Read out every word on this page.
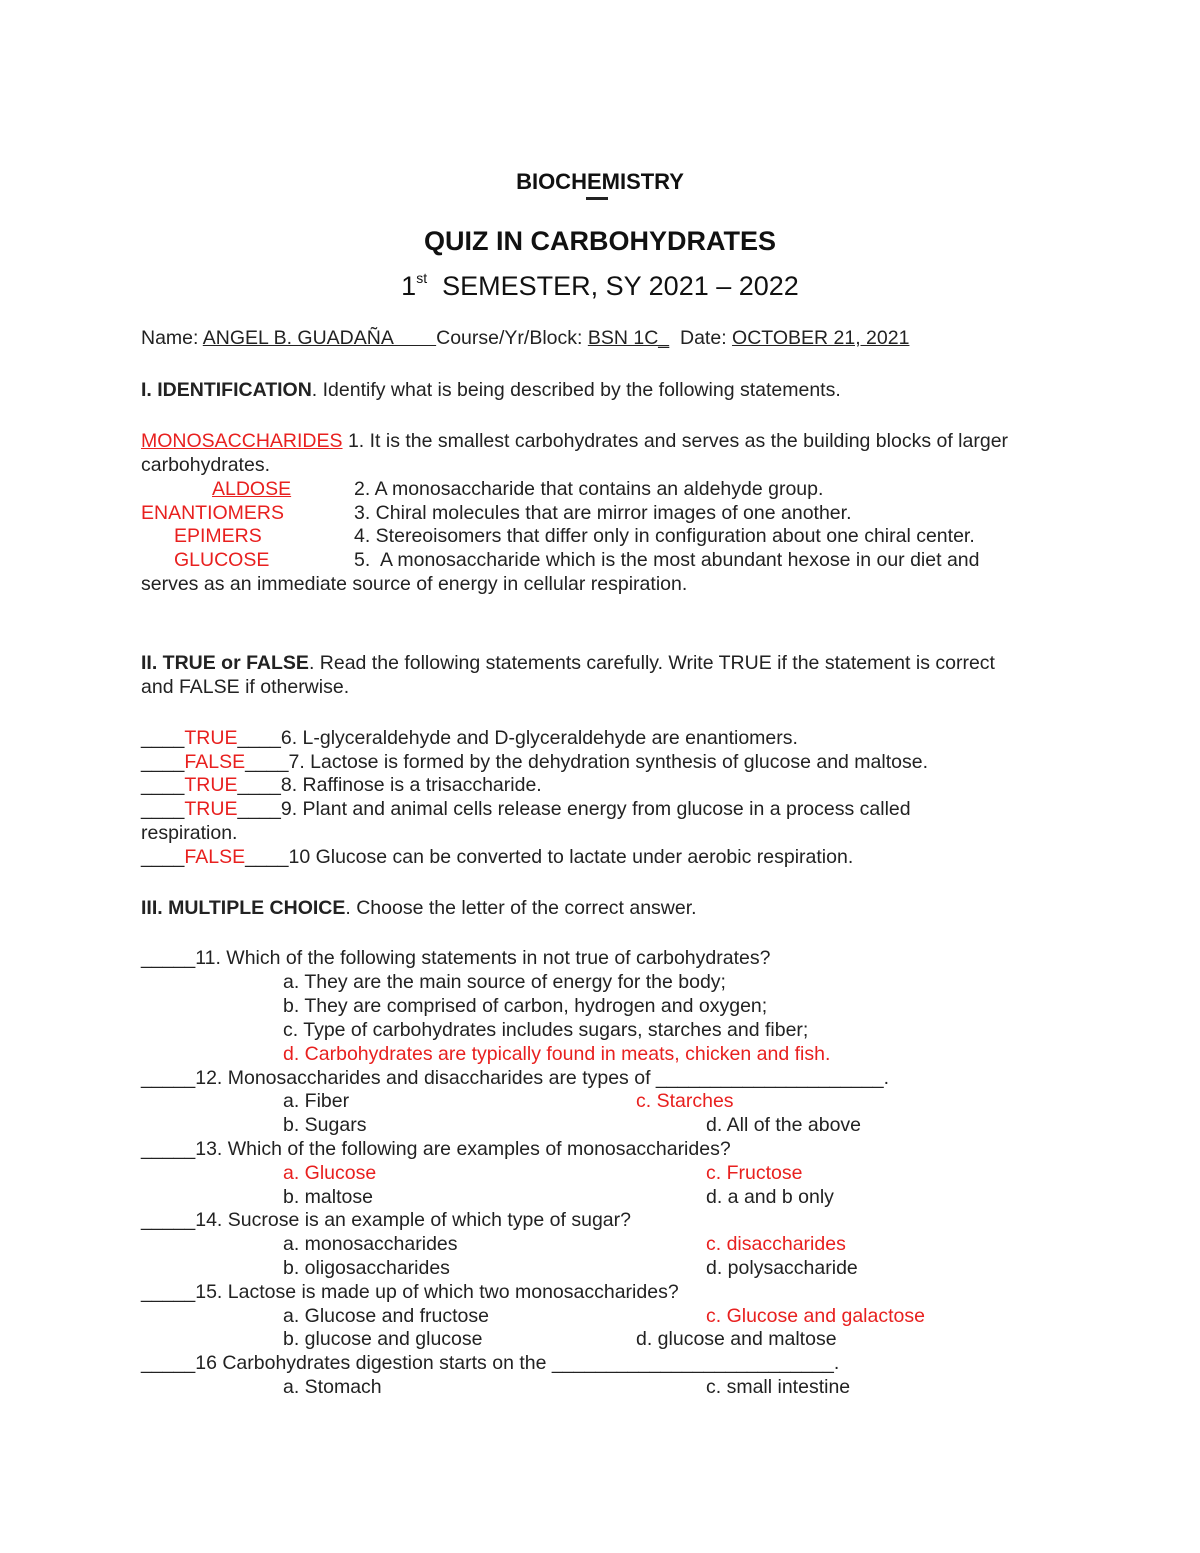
BIOCHEMISTRY
QUIZ IN CARBOHYDRATES
1st SEMESTER, SY 2021 – 2022
Name: ANGEL B. GUADAÑA        Course/Yr/Block: BSN 1C_ Date: OCTOBER 21, 2021
I. IDENTIFICATION. Identify what is being described by the following statements.
MONOSACCHARIDES 1. It is the smallest carbohydrates and serves as the building blocks of larger
carbohydrates.
ALDOSE	2. A monosaccharide that contains an aldehyde group.
ENANTIOMERS	3. Chiral molecules that are mirror images of one another.
EPIMERS	4. Stereoisomers that differ only in configuration about one chiral center.
GLUCOSE	5.  A monosaccharide which is the most abundant hexose in our diet and
serves as an immediate source of energy in cellular respiration.
II. TRUE or FALSE. Read the following statements carefully. Write TRUE if the statement is correct
and FALSE if otherwise.
____TRUE____6. L-glyceraldehyde and D-glyceraldehyde are enantiomers.
____FALSE____7. Lactose is formed by the dehydration synthesis of glucose and maltose.
____TRUE____8. Raffinose is a trisaccharide.
____TRUE____9. Plant and animal cells release energy from glucose in a process called
respiration.
____FALSE____10 Glucose can be converted to lactate under aerobic respiration.
III. MULTIPLE CHOICE. Choose the letter of the correct answer.
_____11. Which of the following statements in not true of carbohydrates?
a. They are the main source of energy for the body;
b. They are comprised of carbon, hydrogen and oxygen;
c. Type of carbohydrates includes sugars, starches and fiber;
d. Carbohydrates are typically found in meats, chicken and fish.
_____12. Monosaccharides and disaccharides are types of _____________________.
a. Fiber	c. Starches
b. Sugars	d. All of the above
_____13. Which of the following are examples of monosaccharides?
a. Glucose	c. Fructose
b. maltose	d. a and b only
_____14. Sucrose is an example of which type of sugar?
a. monosaccharides	c. disaccharides
b. oligosaccharides	d. polysaccharide
_____15. Lactose is made up of which two monosaccharides?
a. Glucose and fructose	c. Glucose and galactose
b. glucose and glucose	d. glucose and maltose
_____16 Carbohydrates digestion starts on the __________________________.
a. Stomach	c. small intestine
